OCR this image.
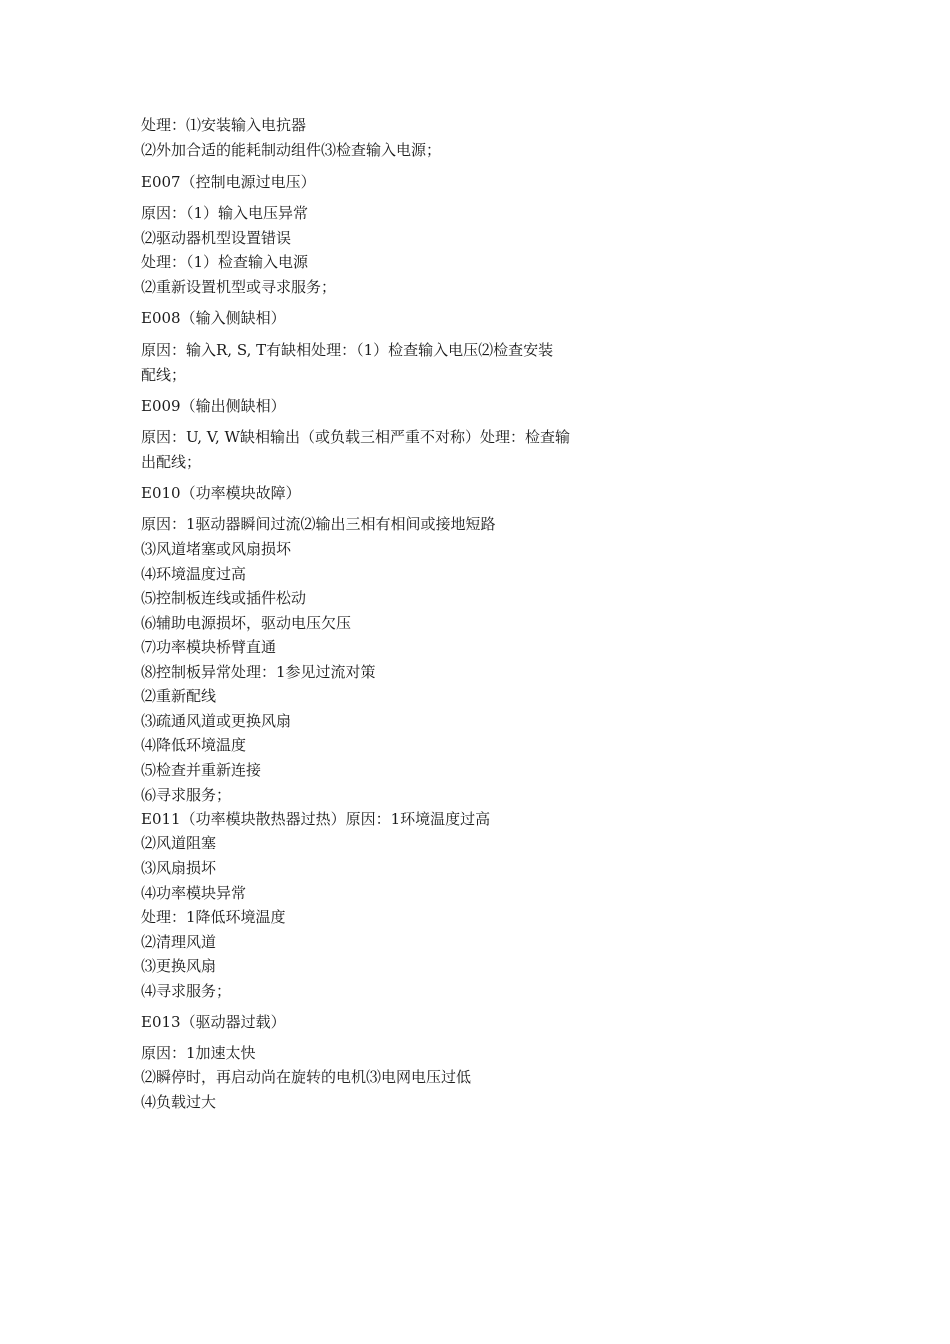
处理：⑴安装输入电抗器
⑵外加合适的能耗制动组件⑶检查输入电源；
E007（控制电源过电压）
原因：（1）输入电压异常
⑵驱动器机型设置错误
处理：（1）检查输入电源
⑵重新设置机型或寻求服务；
E008（输入侧缺相）
原因：输入R, S, T有缺相处理：（1）检查输入电压⑵检查安装
配线；
E009（输出侧缺相）
原因：U, V, W缺相输出（或负载三相严重不对称）处理：检查输
出配线；
E010（功率模块故障）
原因：1驱动器瞬间过流⑵输出三相有相间或接地短路
⑶风道堵塞或风扇损坏
⑷环境温度过高
⑸控制板连线或插件松动
⑹辅助电源损坏，驱动电压欠压
⑺功率模块桥臂直通
⑻控制板异常处理：1参见过流对策
⑵重新配线
⑶疏通风道或更换风扇
⑷降低环境温度
⑸检查并重新连接
⑹寻求服务；
E011（功率模块散热器过热）原因：1环境温度过高
⑵风道阻塞
⑶风扇损坏
⑷功率模块异常
处理：1降低环境温度
⑵清理风道
⑶更换风扇
⑷寻求服务；
E013（驱动器过载）
原因：1加速太快
⑵瞬停时，再启动尚在旋转的电机⑶电网电压过低
⑷负载过大
